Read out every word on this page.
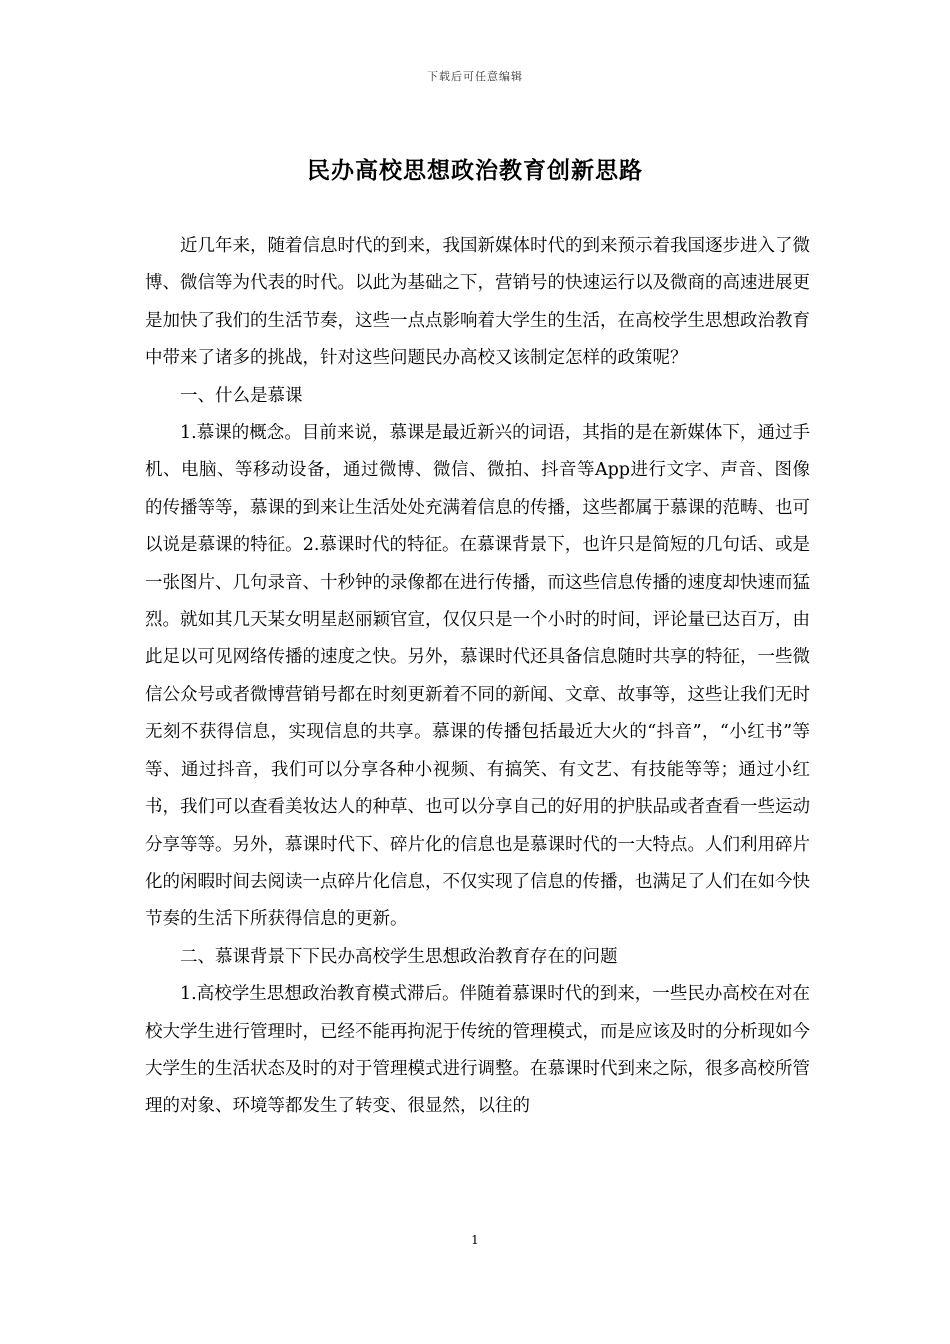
下载后可任意编辑
民办高校思想政治教育创新思路

近几年来，随着信息时代的到来，我国新媒体时代的到来预示着我国逐步进入了微博、微信等为代表的时代。以此为基础之下，营销号的快速运行以及微商的高速进展更是加快了我们的生活节奏，这些一点点影响着大学生的生活，在高校学生思想政治教育中带来了诸多的挑战，针对这些问题民办高校又该制定怎样的政策呢？

一、什么是慕课

1.慕课的概念。目前来说，慕课是最近新兴的词语，其指的是在新媒体下，通过手机、电脑、等移动设备，通过微博、微信、微拍、抖音等App进行文字、声音、图像的传播等等，慕课的到来让生活处处充满着信息的传播，这些都属于慕课的范畴、也可以说是慕课的特征。2.慕课时代的特征。在慕课背景下，也许只是简短的几句话、或是一张图片、几句录音、十秒钟的录像都在进行传播，而这些信息传播的速度却快速而猛烈。就如其几天某女明星赵丽颖官宣，仅仅只是一个小时的时间，评论量已达百万，由此足以可见网络传播的速度之快。另外，慕课时代还具备信息随时共享的特征，一些微信公众号或者微博营销号都在时刻更新着不同的新闻、文章、故事等，这些让我们无时无刻不获得信息，实现信息的共享。慕课的传播包括最近大火的“抖音”，“小红书”等等、通过抖音，我们可以分享各种小视频、有搞笑、有文艺、有技能等等；通过小红书，我们可以查看美妆达人的种草、也可以分享自己的好用的护肤品或者查看一些运动分享等等。另外，慕课时代下、碎片化的信息也是慕课时代的一大特点。人们利用碎片化的闲暇时间去阅读一点碎片化信息，不仅实现了信息的传播，也满足了人们在如今快节奏的生活下所获得信息的更新。

二、慕课背景下下民办高校学生思想政治教育存在的问题

1.高校学生思想政治教育模式滞后。伴随着慕课时代的到来，一些民办高校在对在校大学生进行管理时，已经不能再拘泥于传统的管理模式，而是应该及时的分析现如今大学生的生活状态及时的对于管理模式进行调整。在慕课时代到来之际，很多高校所管理的对象、环境等都发生了转变、很显然，以往的

1
